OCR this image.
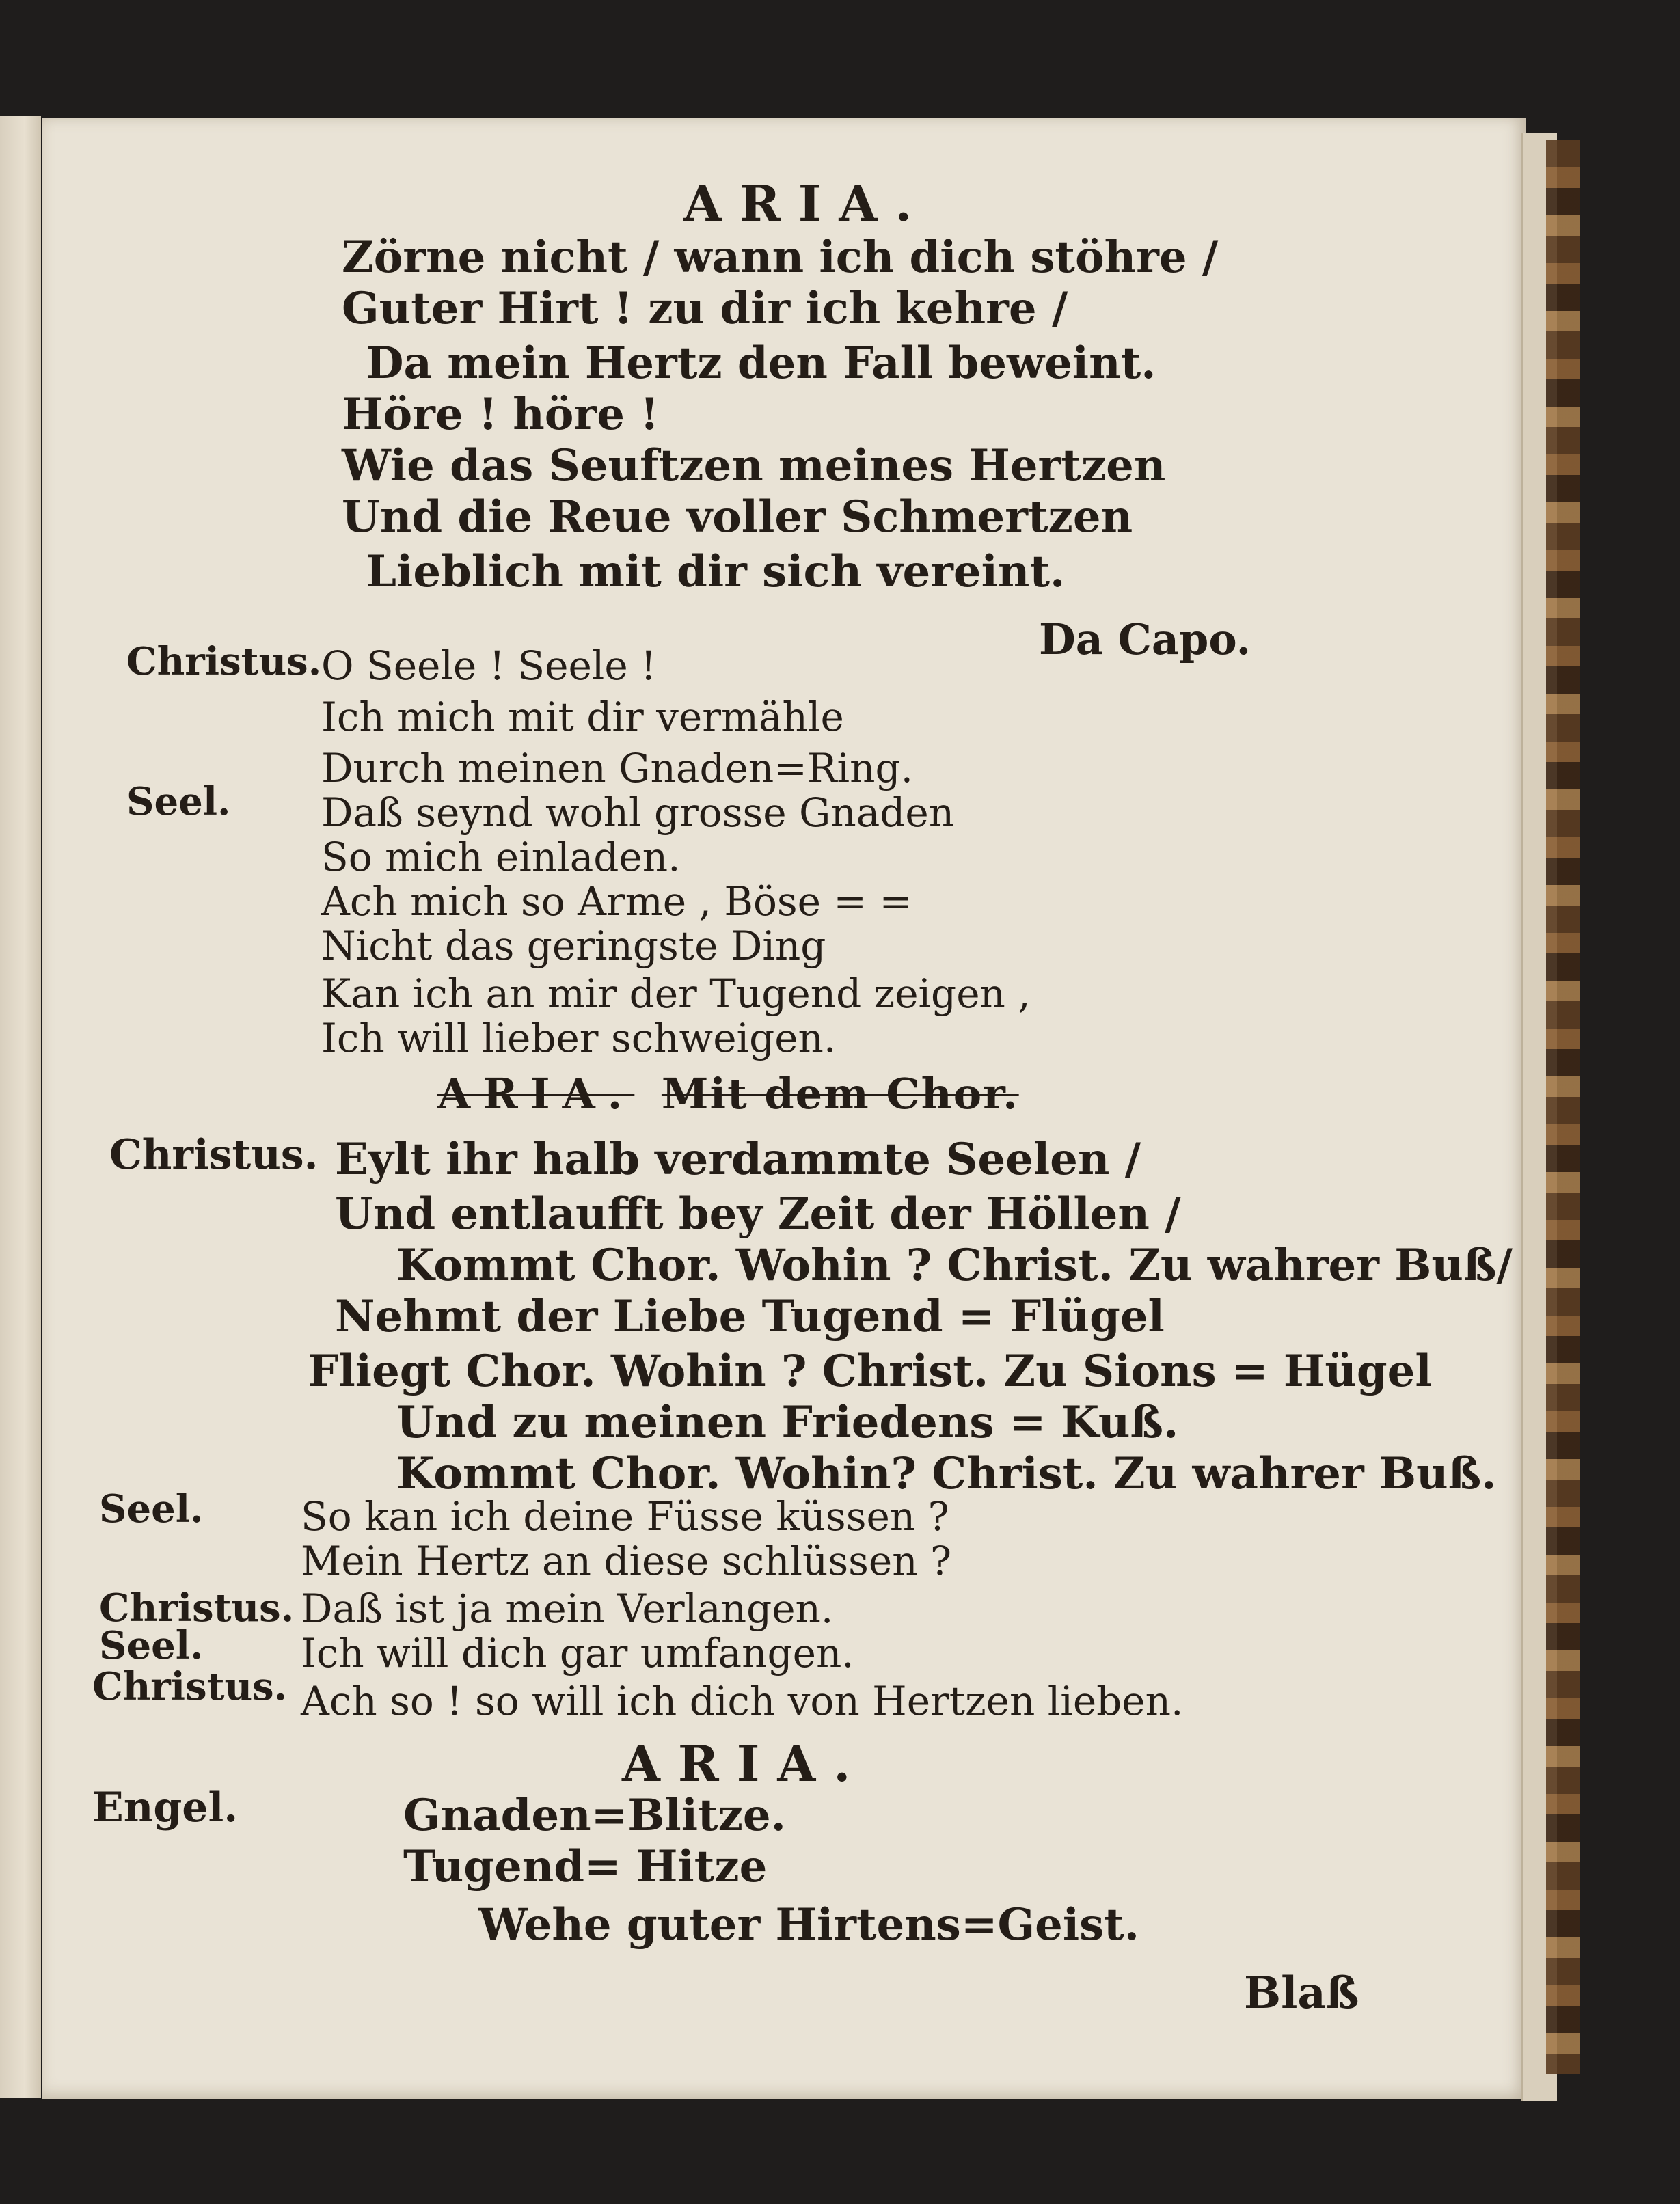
ARIA.
Zörne nicht / wann ich dich stöhre /
Guter Hirt ! zu dir ich kehre /
Da mein Hertz den Fall beweint.
Höre ! höre !
Wie das Seuftzen meines Hertzen
Und die Reue voller Schmertzen
Lieblich mit dir sich vereint.
Da Capo.
Christus. O Seele ! Seele !
Ich mich mit dir vermähle
Durch meinen Gnaden=Ring.
Seel. Daß seynd wohl grosse Gnaden
So mich einladen.
Ach mich so Arme , Böse = =
Nicht das geringste Ding
Kan ich an mir der Tugend zeigen ,
Ich will lieber schweigen.
ARIA. Mit dem Chor.
Christus. Eylt ihr halb verdammte Seelen /
Und entlaufft bey Zeit der Höllen /
Kommt Chor. Wohin ? Christ. Zu wahrer Buß/
Nehmt der Liebe Tugend = Flügel
Fliegt Chor. Wohin ? Christ. Zu Sions = Hügel
Und zu meinen Friedens = Kuß.
Kommt Chor. Wohin? Christ. Zu wahrer Buß.
Seel. So kan ich deine Füsse küssen ?
Mein Hertz an diese schlüssen ?
Christus. Daß ist ja mein Verlangen.
Seel. Ich will dich gar umfangen.
Christus. Ach so ! so will ich dich von Hertzen lieben.
ARIA.
Engel.	Gnaden=Blitze.
Tugend= Hitze
Wehe guter Hirtens=Geist.
Blaß
